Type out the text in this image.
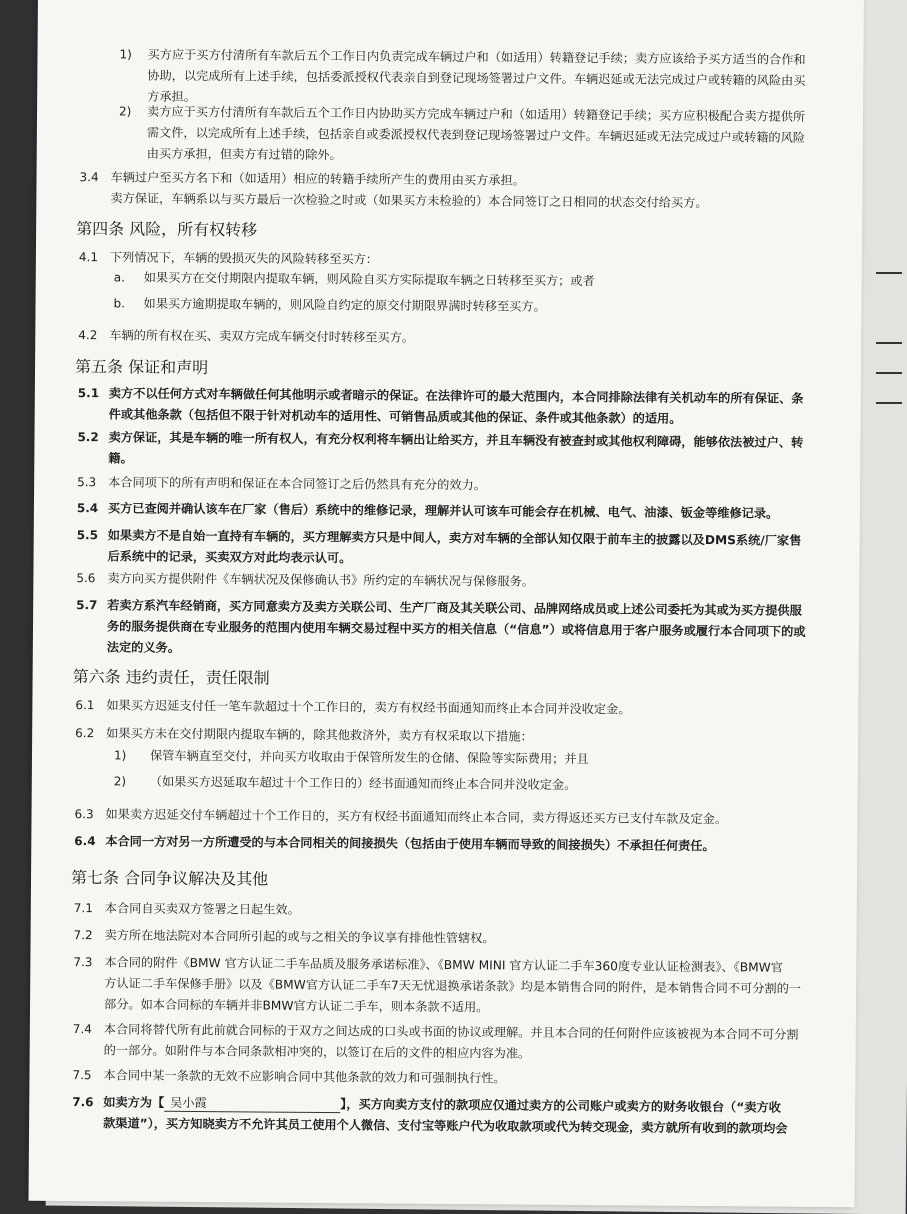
1) 买方应于买方付清所有车款后五个工作日内负责完成车辆过户和（如适用）转籍登记手续；卖方应该给予买方适当的合作和
协助，以完成所有上述手续，包括委派授权代表亲自到登记现场签署过户文件。车辆迟延或无法完成过户或转籍的风险由买
方承担。
2) 卖方应于买方付清所有车款后五个工作日内协助买方完成车辆过户和（如适用）转籍登记手续；买方应积极配合卖方提供所
需文件，以完成所有上述手续，包括亲自或委派授权代表到登记现场签署过户文件。车辆迟延或无法完成过户或转籍的风险
由买方承担，但卖方有过错的除外。
3.4 车辆过户至买方名下和（如适用）相应的转籍手续所产生的费用由买方承担。
卖方保证，车辆系以与买方最后一次检验之时或（如果买方未检验的）本合同签订之日相同的状态交付给买方。
第四条 风险，所有权转移
4.1 下列情况下，车辆的毁损灭失的风险转移至买方：
a. 如果买方在交付期限内提取车辆，则风险自买方实际提取车辆之日转移至买方；或者
b. 如果买方逾期提取车辆的，则风险自约定的原交付期限界满时转移至买方。
4.2 车辆的所有权在买、卖双方完成车辆交付时转移至买方。
第五条 保证和声明
5.1 卖方不以任何方式对车辆做任何其他明示或者暗示的保证。在法律许可的最大范围内，本合同排除法律有关机动车的所有保证、条
件或其他条款（包括但不限于针对机动车的适用性、可销售品质或其他的保证、条件或其他条款）的适用。
5.2 卖方保证，其是车辆的唯一所有权人，有充分权利将车辆出让给买方，并且车辆没有被查封或其他权利障碍，能够依法被过户、转
籍。
5.3 本合同项下的所有声明和保证在本合同签订之后仍然具有充分的效力。
5.4 买方已查阅并确认该车在厂家（售后）系统中的维修记录，理解并认可该车可能会存在机械、电气、油漆、钣金等维修记录。
5.5 如果卖方不是自始一直持有车辆的，买方理解卖方只是中间人，卖方对车辆的全部认知仅限于前车主的披露以及DMS系统/厂家售
后系统中的记录，买卖双方对此均表示认可。
5.6 卖方向买方提供附件《车辆状况及保修确认书》所约定的车辆状况与保修服务。
5.7 若卖方系汽车经销商，买方同意卖方及卖方关联公司、生产厂商及其关联公司、品牌网络成员或上述公司委托为其或为买方提供服
务的服务提供商在专业服务的范围内使用车辆交易过程中买方的相关信息（“信息”）或将信息用于客户服务或履行本合同项下的或
法定的义务。
第六条 违约责任，责任限制
6.1 如果买方迟延支付任一笔车款超过十个工作日的，卖方有权经书面通知而终止本合同并没收定金。
6.2 如果买方未在交付期限内提取车辆的，除其他救济外，卖方有权采取以下措施：
1) 保管车辆直至交付，并向买方收取由于保管所发生的仓储、保险等实际费用；并且
2) （如果买方迟延取车超过十个工作日的）经书面通知而终止本合同并没收定金。
6.3 如果卖方迟延交付车辆超过十个工作日的，买方有权经书面通知而终止本合同，卖方得返还买方已支付车款及定金。
6.4 本合同一方对另一方所遭受的与本合同相关的间接损失（包括由于使用车辆而导致的间接损失）不承担任何责任。
第七条 合同争议解决及其他
7.1 本合同自买卖双方签署之日起生效。
7.2 卖方所在地法院对本合同所引起的或与之相关的争议享有排他性管辖权。
7.3 本合同的附件《BMW 官方认证二手车品质及服务承诺标准》、《BMW MINI 官方认证二手车360度专业认证检测表》、《BMW官
方认证二手车保修手册》以及《BMW官方认证二手车7天无忧退换承诺条款》均是本销售合同的附件，是本销售合同不可分割的一
部分。如本合同标的车辆并非BMW官方认证二手车，则本条款不适用。
7.4 本合同将替代所有此前就合同标的于双方之间达成的口头或书面的协议或理解。并且本合同的任何附件应该被视为本合同不可分割
的一部分。如附件与本合同条款相冲突的，以签订在后的文件的相应内容为准。
7.5 本合同中某一条款的无效不应影响合同中其他条款的效力和可强制执行性。
7.6 如卖方为【 吴小霞	】，买方向卖方支付的款项应仅通过卖方的公司账户或卖方的财务收银台（“卖方收
款渠道”），买方知晓卖方不允许其员工使用个人微信、支付宝等账户代为收取款项或代为转交现金，卖方就所有收到的款项均会
